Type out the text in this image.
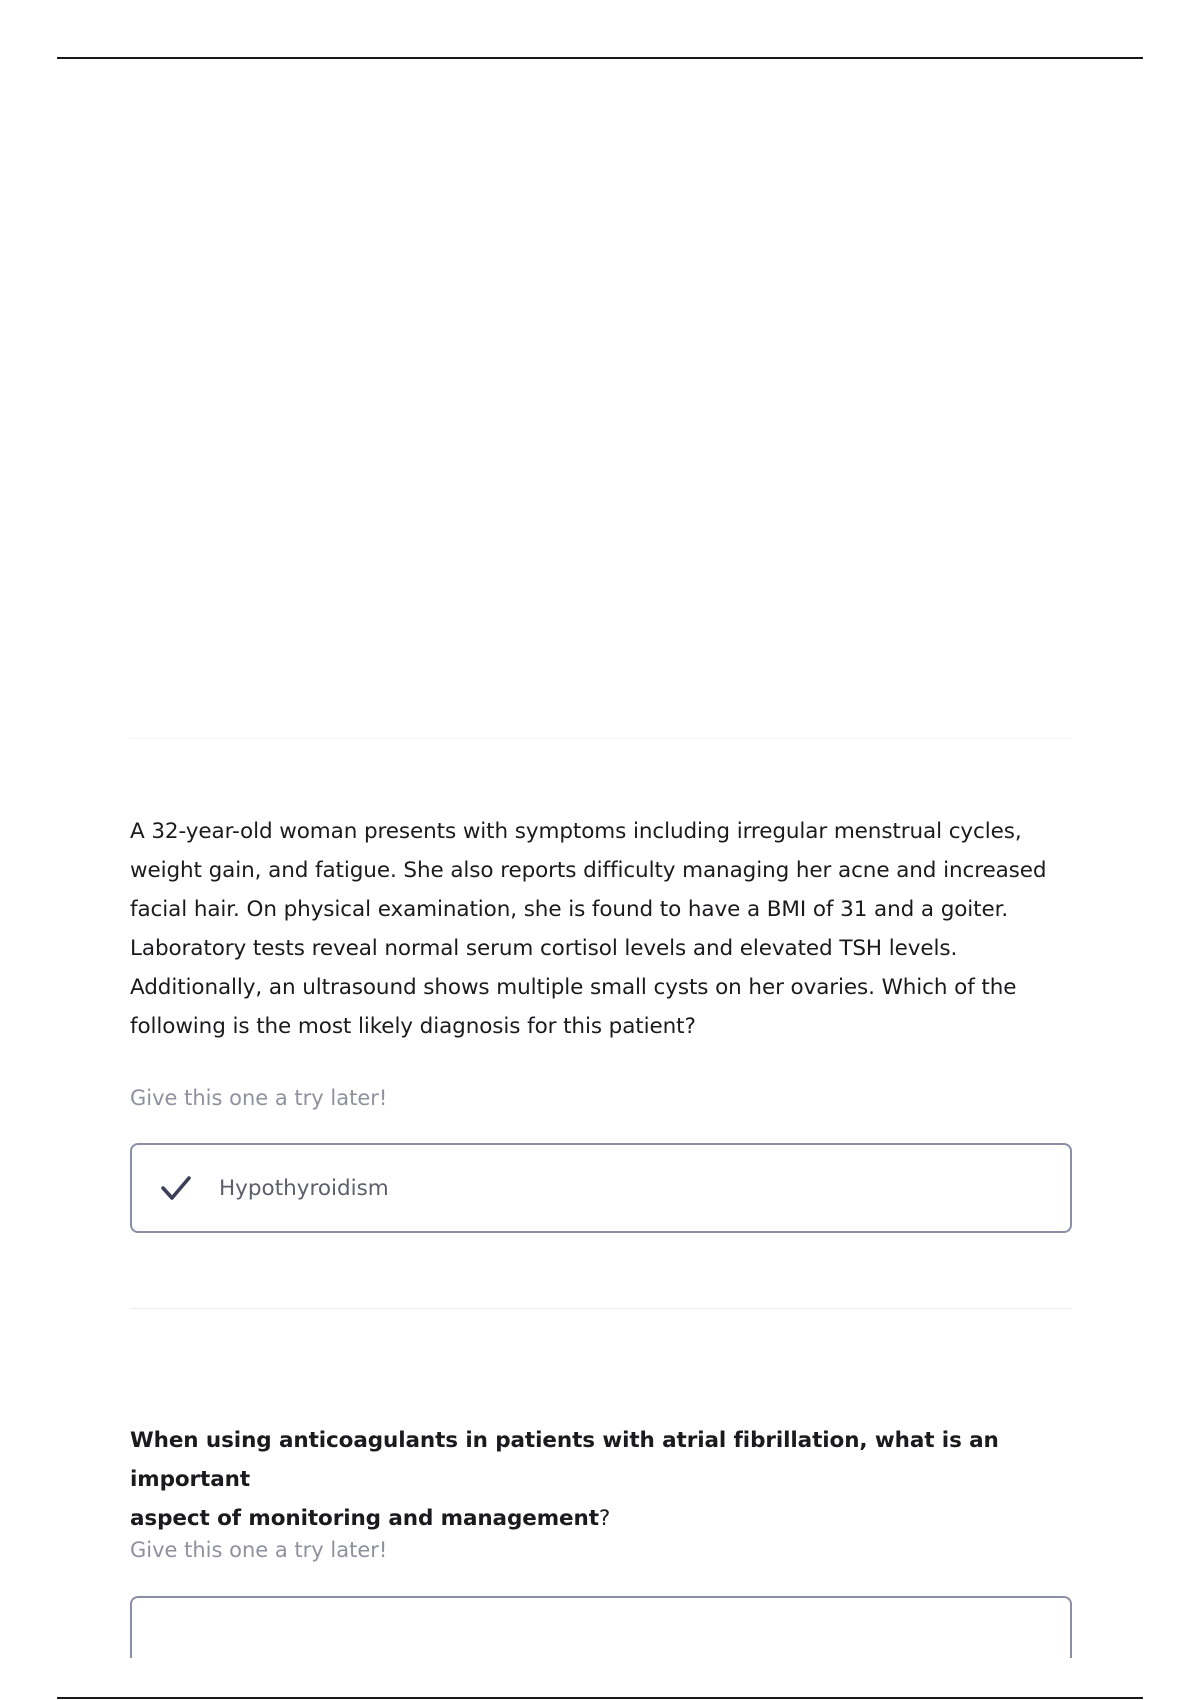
A 32-year-old woman presents with symptoms including irregular menstrual cycles,
weight gain, and fatigue. She also reports difficulty managing her acne and increased
facial hair. On physical examination, she is found to have a BMI of 31 and a goiter.
Laboratory tests reveal normal serum cortisol levels and elevated TSH levels.
Additionally, an ultrasound shows multiple small cysts on her ovaries. Which of the
following is the most likely diagnosis for this patient?

Give this one a try later!
Hypothyroidism

When using anticoagulants in patients with atrial fibrillation, what is an important
aspect of monitoring and management?

Give this one a try later!
